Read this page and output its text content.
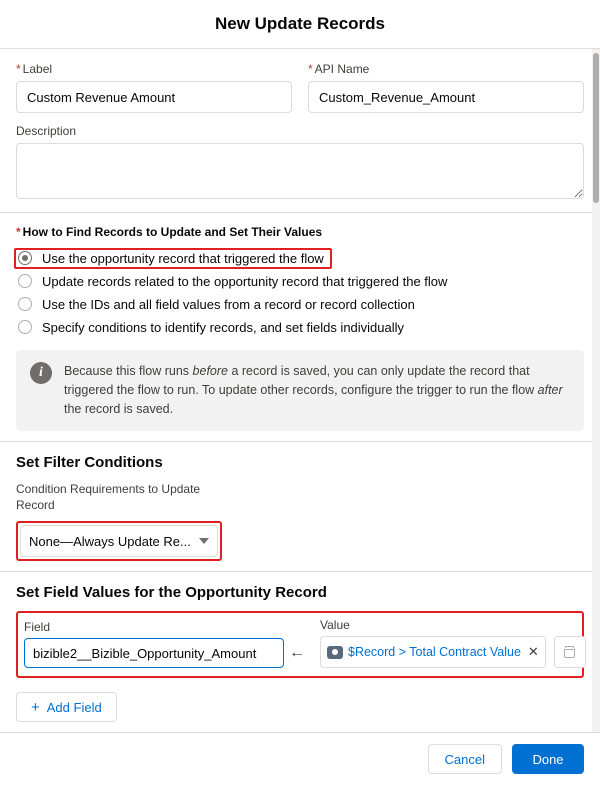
New Update Records
* Label
Custom Revenue Amount	* API Name
Custom_Revenue_Amount
Description
* How to Find Records to Update and Set Their Values
Use the opportunity record that triggered the flow
Update records related to the opportunity record that triggered the flow
Use the IDs and all field values from a record or record collection
Specify conditions to identify records, and set fields individually
i	Because this flow runs before a record is saved, you can only update the record that triggered the flow to run. To update other records, configure the trigger to run the flow after the record is saved.
Set Filter Conditions
Condition Requirements to Update Record
None—Always Update Re...
Set Field Values for the Opportunity Record
Field
bizible2__Bizible_Opportunity_Amount	←
Value
$Record > Total Contract Value ✕
+ Add Field
Cancel	Done
